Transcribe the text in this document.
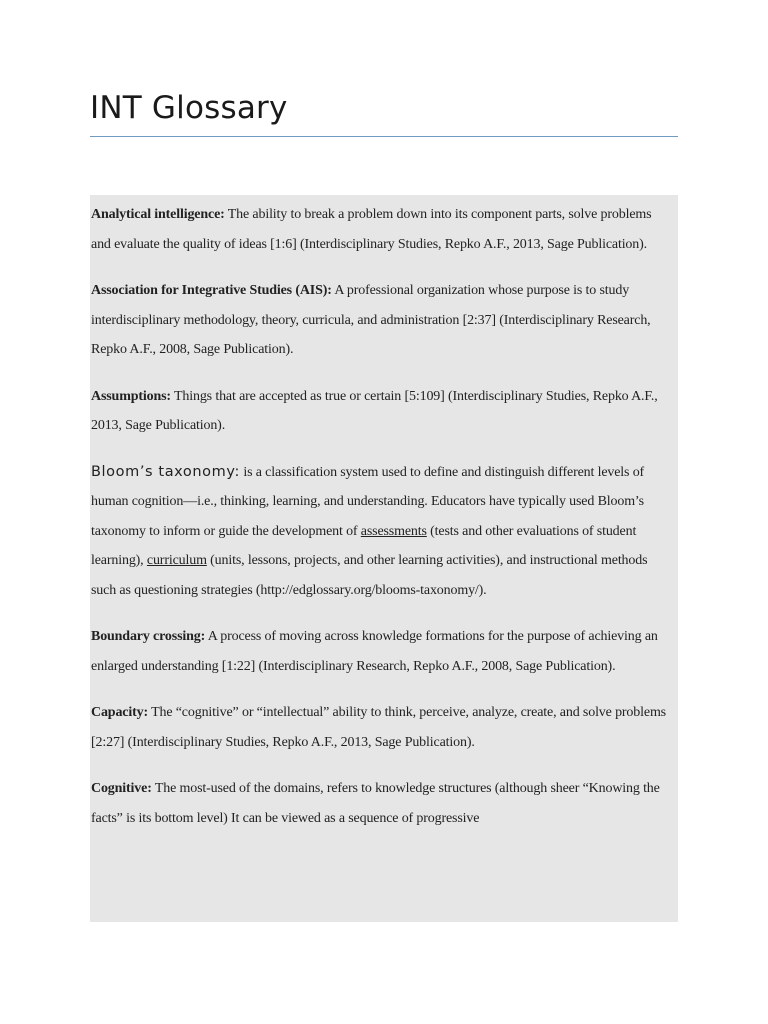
INT Glossary

Analytical intelligence: The ability to break a problem down into its component parts, solve problems and evaluate the quality of ideas [1:6] (Interdisciplinary Studies, Repko A.F., 2013, Sage Publication).

Association for Integrative Studies (AIS): A professional organization whose purpose is to study interdisciplinary methodology, theory, curricula, and administration [2:37] (Interdisciplinary Research, Repko A.F., 2008, Sage Publication).

Assumptions: Things that are accepted as true or certain [5:109] (Interdisciplinary Studies, Repko A.F., 2013, Sage Publication).

Bloom’s taxonomy: is a classification system used to define and distinguish different levels of human cognition—i.e., thinking, learning, and understanding. Educators have typically used Bloom’s taxonomy to inform or guide the development of assessments (tests and other evaluations of student learning), curriculum (units, lessons, projects, and other learning activities), and instructional methods such as questioning strategies (http://edglossary.org/blooms-taxonomy/).

Boundary crossing: A process of moving across knowledge formations for the purpose of achieving an enlarged understanding [1:22] (Interdisciplinary Research, Repko A.F., 2008, Sage Publication).

Capacity: The “cognitive” or “intellectual” ability to think, perceive, analyze, create, and solve problems [2:27] (Interdisciplinary Studies, Repko A.F., 2013, Sage Publication).

Cognitive: The most-used of the domains, refers to knowledge structures (although sheer “Knowing the facts” is its bottom level) It can be viewed as a sequence of progressive
